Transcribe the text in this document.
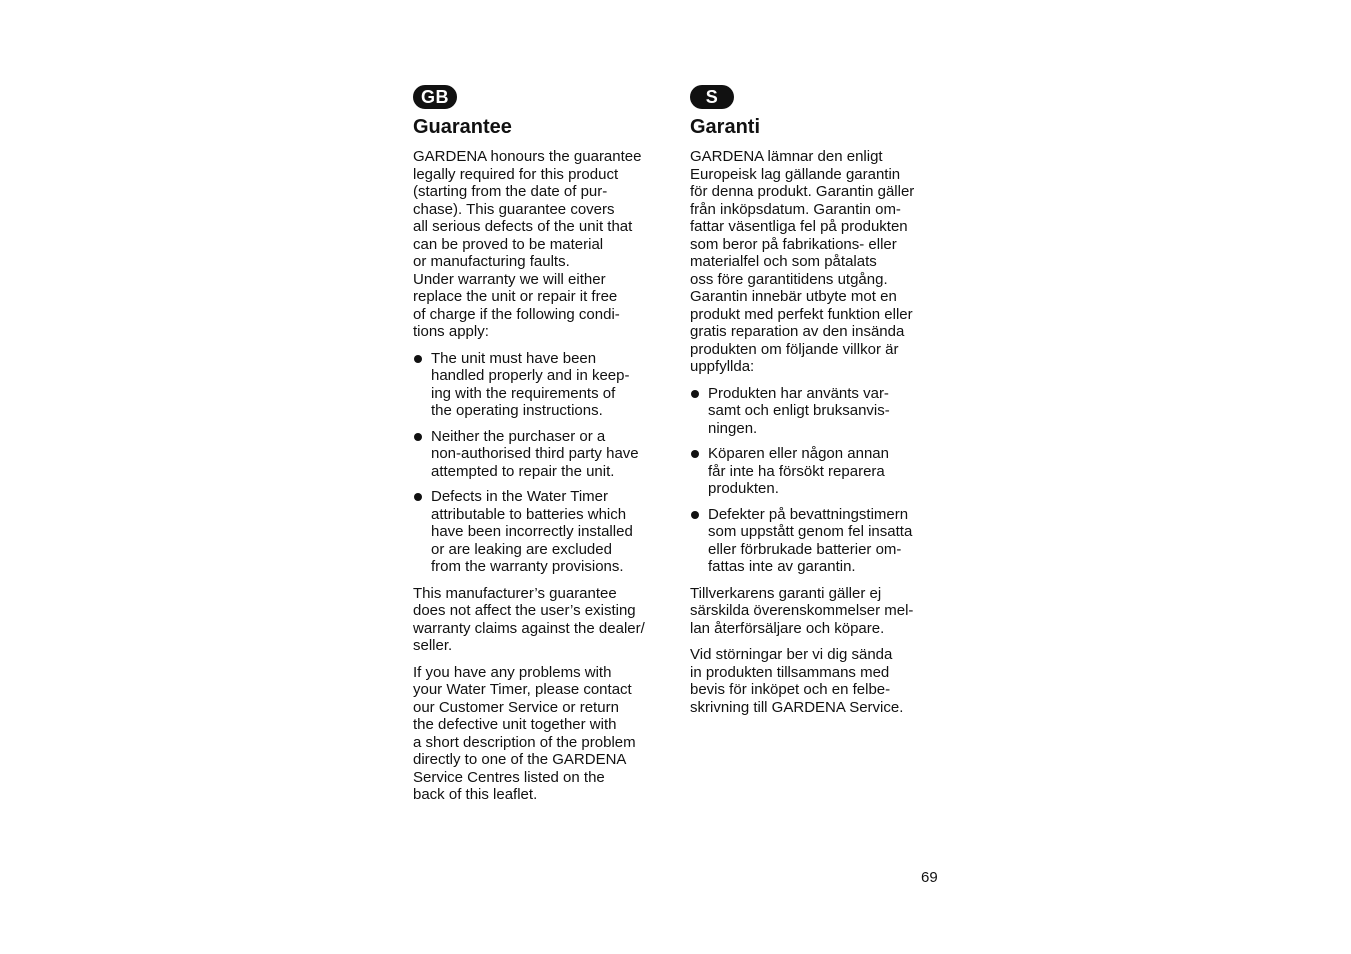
GB
Guarantee

GARDENA honours the guarantee
legally required for this product
(starting from the date of pur-
chase). This guarantee covers
all serious defects of the unit that
can be proved to be material
or manufacturing faults.
Under warranty we will either
replace the unit or repair it free
of charge if the following condi-
tions apply:

The unit must have been
handled properly and in keep-
ing with the requirements of
the operating instructions.
Neither the purchaser or a
non-authorised third party have
attempted to repair the unit.
Defects in the Water Timer
attributable to batteries which
have been incorrectly installed
or are leaking are excluded
from the warranty provisions.

This manufacturer’s guarantee
does not affect the user’s existing
warranty claims against the dealer/
seller.

If you have any problems with
your Water Timer, please contact
our Customer Service or return
the defective unit together with
a short description of the problem
directly to one of the GARDENA
Service Centres listed on the
back of this leaflet.

S
Garanti

GARDENA lämnar den enligt
Europeisk lag gällande garantin
för denna produkt. Garantin gäller
från inköpsdatum. Garantin om-
fattar väsentliga fel på produkten
som beror på fabrikations- eller
materialfel och som påtalats
oss före garantitidens utgång.
Garantin innebär utbyte mot en
produkt med perfekt funktion eller
gratis reparation av den insända
produkten om följande villkor är
uppfyllda:

Produkten har använts var-
samt och enligt bruksanvis-
ningen.
Köparen eller någon annan
får inte ha försökt reparera
produkten.
Defekter på bevattningstimern
som uppstått genom fel insatta
eller förbrukade batterier om-
fattas inte av garantin.

Tillverkarens garanti gäller ej
särskilda överenskommelser mel-
lan återförsäljare och köpare.

Vid störningar ber vi dig sända
in produkten tillsammans med
bevis för inköpet och en felbe-
skrivning till GARDENA Service.

69
